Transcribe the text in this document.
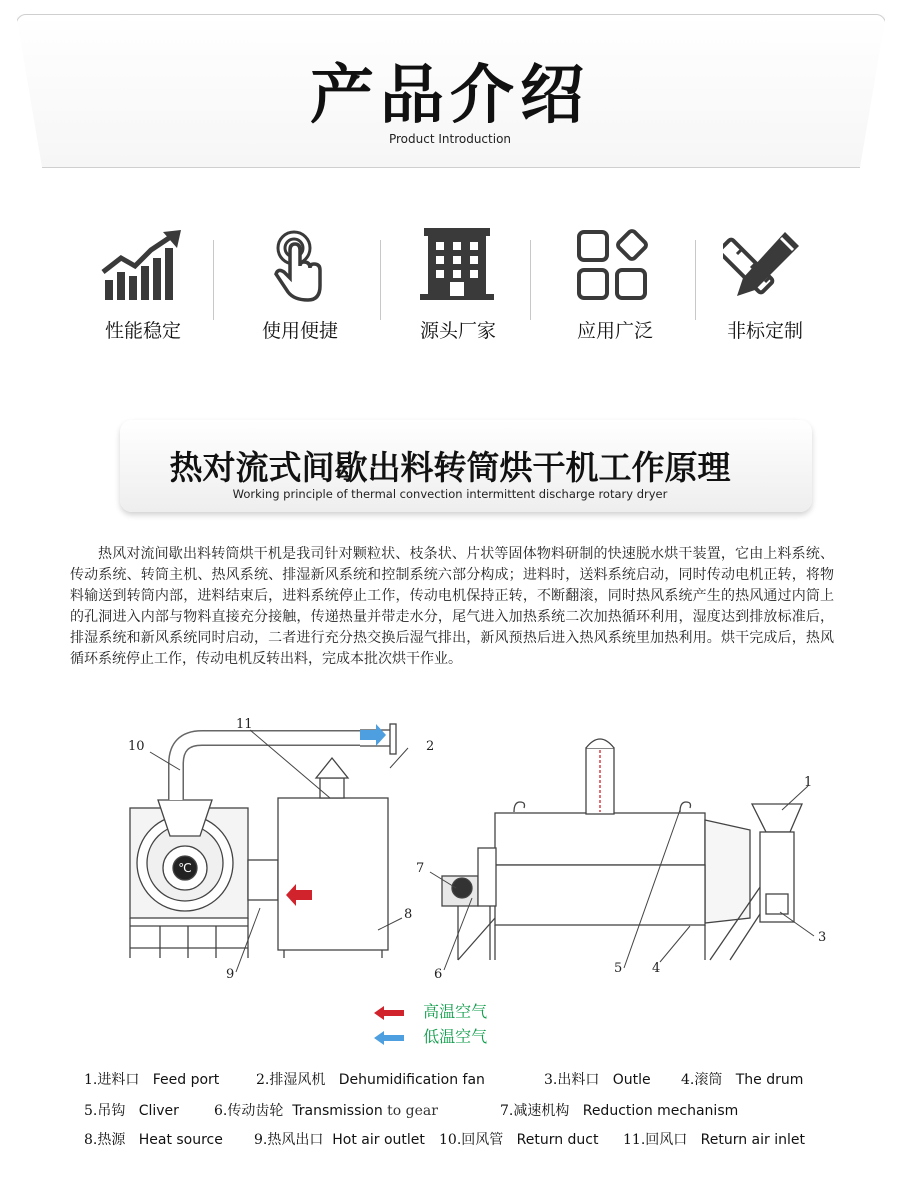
产品介绍
Product Introduction
性能稳定	使用便捷	源头厂家	应用广泛	非标定制
热对流式间歇出料转筒烘干机工作原理
Working principle of thermal convection intermittent discharge rotary dryer
热风对流间歇出料转筒烘干机是我司针对颗粒状、枝条状、片状等固体物料研制的快速脱水烘干装置，它由上料系统、传动系统、转筒主机、热风系统、排湿新风系统和控制系统六部分构成；进料时，送料系统启动，同时传动电机正转，将物料输送到转筒内部，进料结束后，进料系统停止工作，传动电机保持正转，不断翻滚，同时热风系统产生的热风通过内筒上的孔洞进入内部与物料直接充分接触，传递热量并带走水分，尾气进入加热系统二次加热循环利用，湿度达到排放标准后，排湿系统和新风系统同时启动，二者进行充分热交换后湿气排出，新风预热后进入热风系统里加热利用。烘干完成后，热风循环系统停止工作，传动电机反转出料，完成本批次烘干作业。
℃
10
11
2
1
3
4
5
6
7
8
9
高温空气
低温空气
1.进料口 Feed port	2.排湿风机 Dehumidification fan	3.出料口 Outle 4.滚筒 The drum
5.吊钩 Cliver	6.传动齿轮 Transmission to gear	7.减速机构 Reduction mechanism
8.热源 Heat source 9.热风出口 Hot air outlet 10.回风管 Return duct 11.回风口 Return air inlet
